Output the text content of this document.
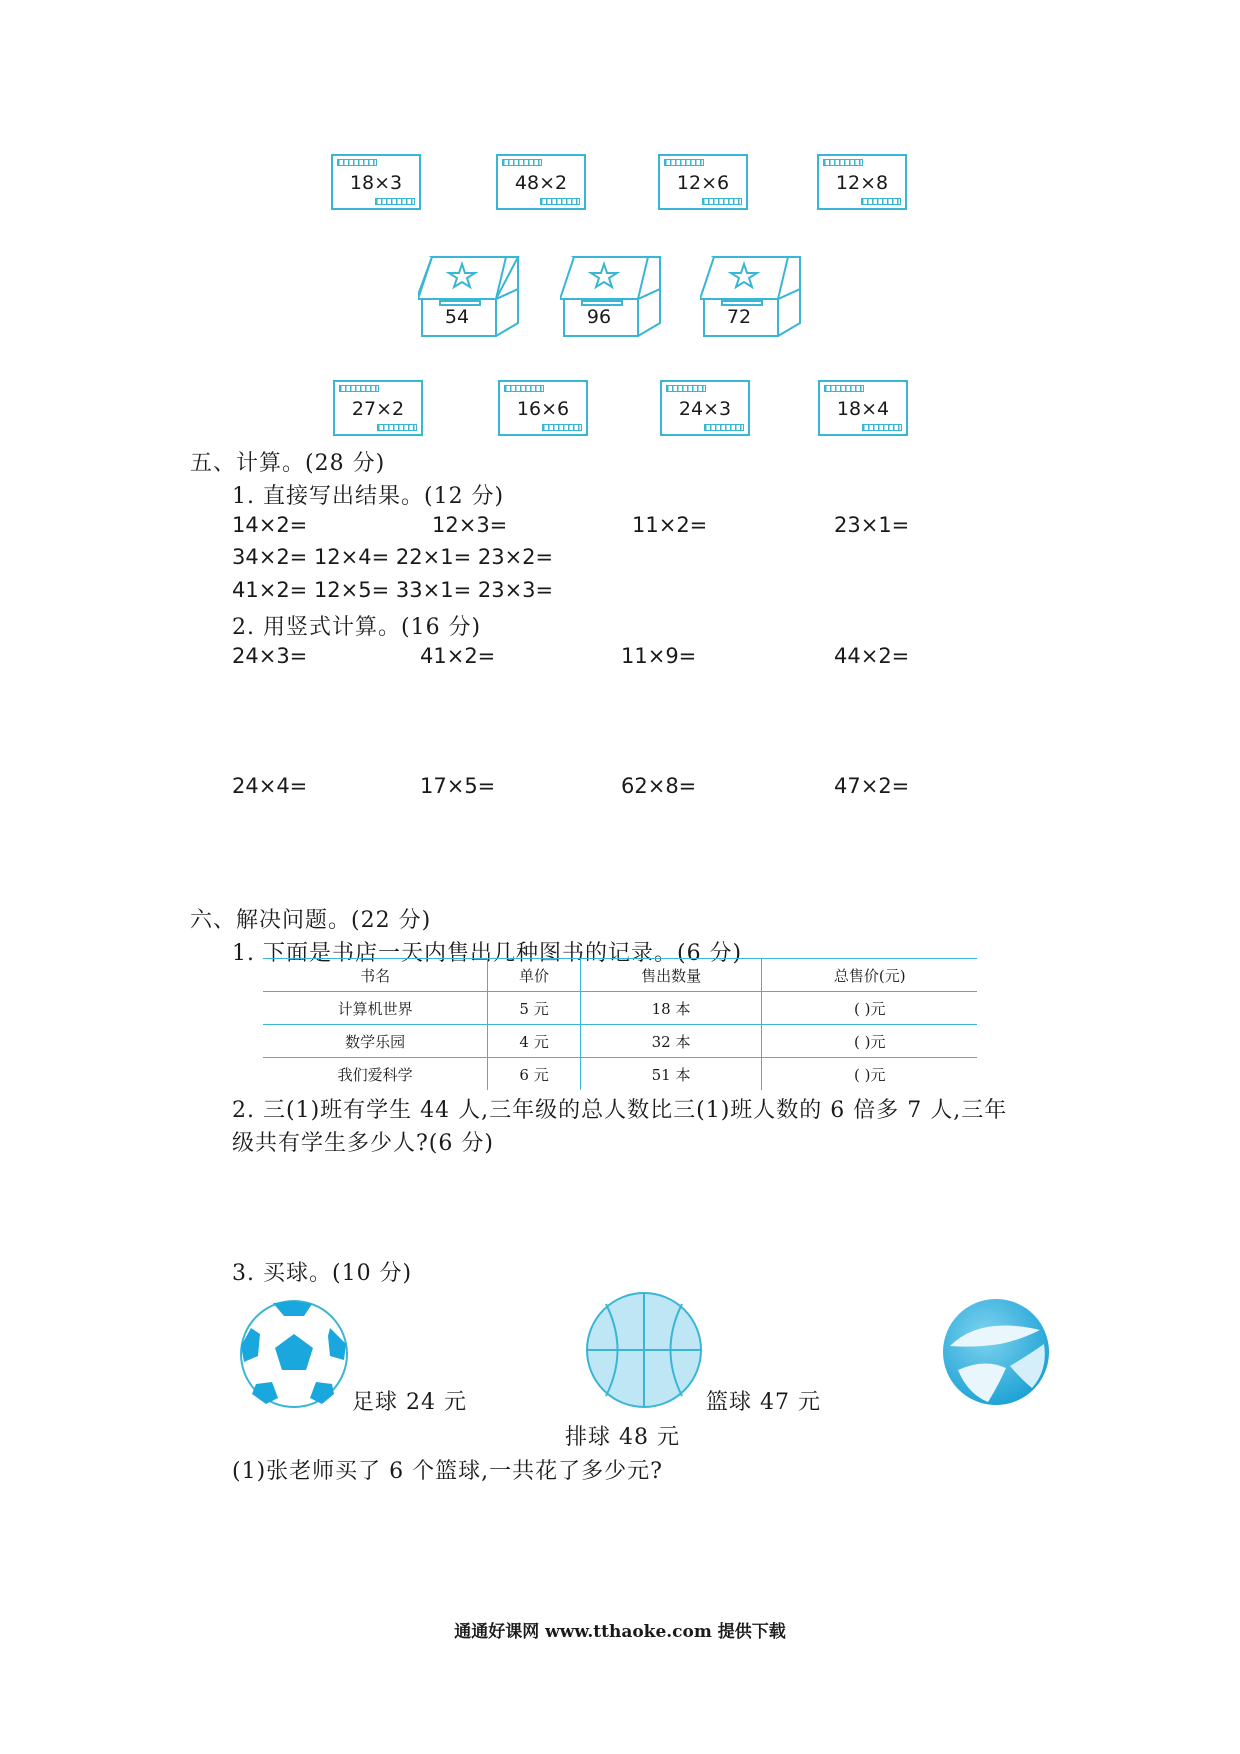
18×3	48×2	12×6	12×8
54	96	72
27×2	16×6	24×3	18×4
五、计算。(28 分)
1. 直接写出结果。(12 分)
14×2=	12×3=	11×2=	23×1=
34×2= 12×4= 22×1= 23×2=
41×2= 12×5= 33×1= 23×3=
2. 用竖式计算。(16 分)
24×3=	41×2=	11×9=	44×2=
24×4=	17×5=	62×8=	47×2=
六、解决问题。(22 分)
1. 下面是书店一天内售出几种图书的记录。(6 分)
书名	单价	售出数量	总售价(元)
计算机世界	5 元	18 本	( )元
数学乐园	4 元	32 本	( )元
我们爱科学	6 元	51 本	( )元
2. 三(1)班有学生 44 人,三年级的总人数比三(1)班人数的 6 倍多 7 人,三年
级共有学生多少人?(6 分)
3. 买球。(10 分)
足球 24 元	篮球 47 元
排球 48 元
(1)张老师买了 6 个篮球,一共花了多少元?
通通好课网 www.tthaoke.com 提供下载
